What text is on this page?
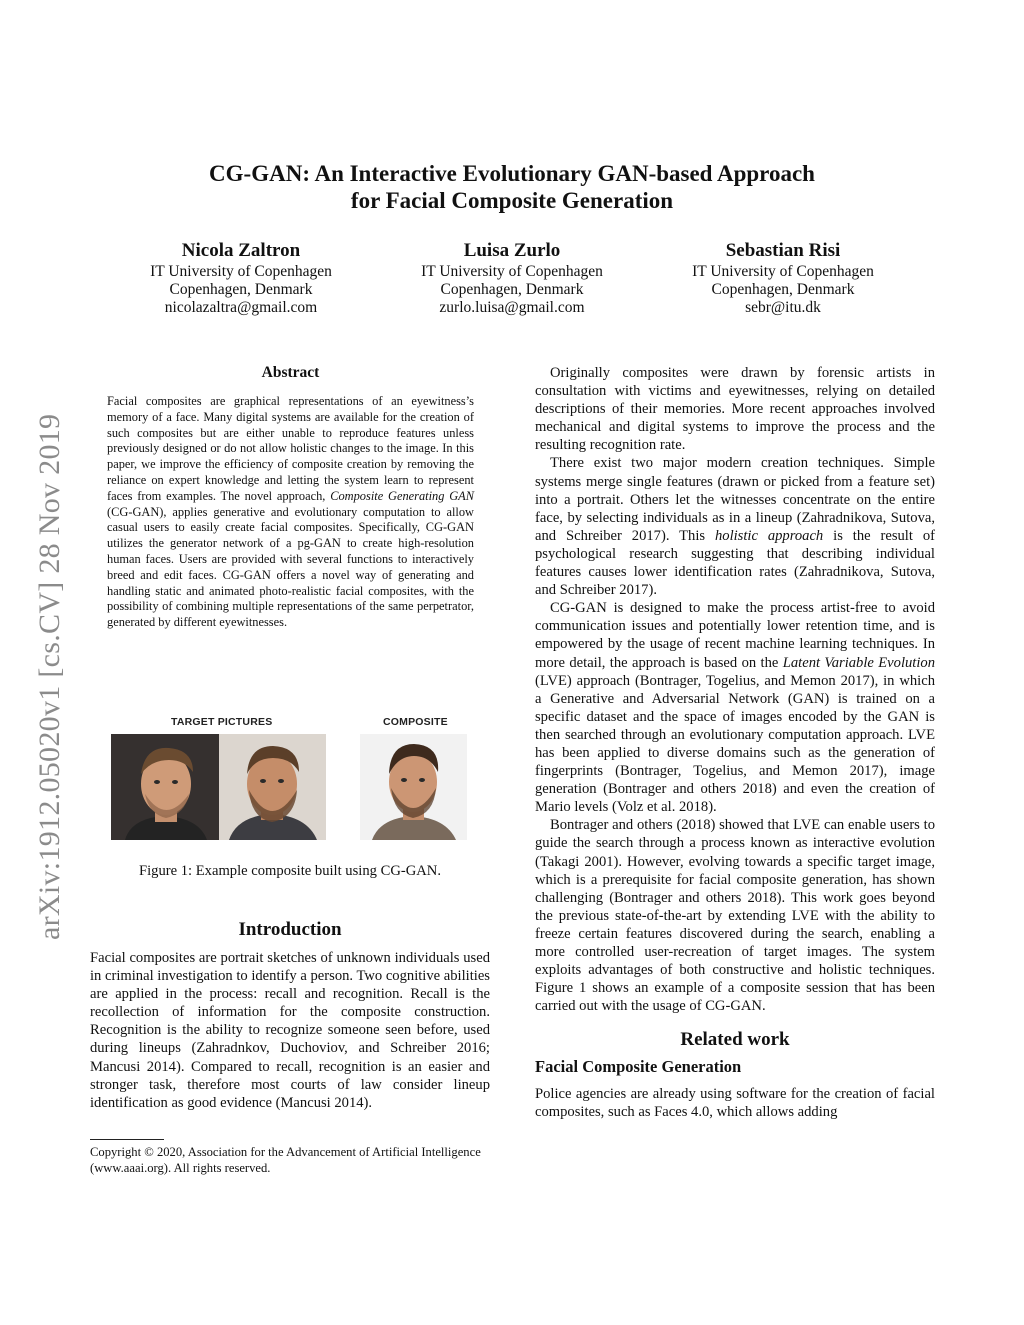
CG-GAN: An Interactive Evolutionary GAN-based Approach
for Facial Composite Generation
Nicola Zaltron
IT University of Copenhagen
Copenhagen, Denmark
nicolazaltra@gmail.com
Luisa Zurlo
IT University of Copenhagen
Copenhagen, Denmark
zurlo.luisa@gmail.com
Sebastian Risi
IT University of Copenhagen
Copenhagen, Denmark
sebr@itu.dk
arXiv:1912.05020v1 [cs.CV] 28 Nov 2019
Abstract

Facial composites are graphical representations of an eyewitness’s memory of a face. Many digital systems are available for the creation of such composites but are either unable to reproduce features unless previously designed or do not allow holistic changes to the image. In this paper, we improve the efficiency of composite creation by removing the reliance on expert knowledge and letting the system learn to represent faces from examples. The novel approach, Composite Generating GAN (CG-GAN), applies generative and evolutionary computation to allow casual users to easily create facial composites. Specifically, CG-GAN utilizes the generator network of a pg-GAN to create high-resolution human faces. Users are provided with several functions to interactively breed and edit faces. CG-GAN offers a novel way of generating and handling static and animated photo-realistic facial composites, with the possibility of combining multiple representations of the same perpetrator, generated by different eyewitnesses.

TARGET PICTURES	COMPOSITE
Figure 1: Example composite built using CG-GAN.
Introduction

Facial composites are portrait sketches of unknown individuals used in criminal investigation to identify a person. Two cognitive abilities are applied in the process: recall and recognition. Recall is the recollection of information for the composite construction. Recognition is the ability to recognize someone seen before, used during lineups (Zahradnkov, Duchoviov, and Schreiber 2016; Mancusi 2014). Compared to recall, recognition is an easier and stronger task, therefore most courts of law consider lineup identification as good evidence (Mancusi 2014).

Copyright © 2020, Association for the Advancement of Artificial Intelligence (www.aaai.org). All rights reserved.

Originally composites were drawn by forensic artists in consultation with victims and eyewitnesses, relying on detailed descriptions of their memories. More recent approaches involved mechanical and digital systems to improve the process and the resulting recognition rate.

There exist two major modern creation techniques. Simple systems merge single features (drawn or picked from a feature set) into a portrait. Others let the witnesses concentrate on the entire face, by selecting individuals as in a lineup (Zahradnikova, Sutova, and Schreiber 2017). This holistic approach is the result of psychological research suggesting that describing individual features causes lower identification rates (Zahradnikova, Sutova, and Schreiber 2017).

CG-GAN is designed to make the process artist-free to avoid communication issues and potentially lower retention time, and is empowered by the usage of recent machine learning techniques. In more detail, the approach is based on the Latent Variable Evolution (LVE) approach (Bontrager, Togelius, and Memon 2017), in which a Generative and Adversarial Network (GAN) is trained on a specific dataset and the space of images encoded by the GAN is then searched through an evolutionary computation approach. LVE has been applied to diverse domains such as the generation of fingerprints (Bontrager, Togelius, and Memon 2017), image generation (Bontrager and others 2018) and even the creation of Mario levels (Volz et al. 2018).

Bontrager and others (2018) showed that LVE can enable users to guide the search through a process known as interactive evolution (Takagi 2001). However, evolving towards a specific target image, which is a prerequisite for facial composite generation, has shown challenging (Bontrager and others 2018). This work goes beyond the previous state-of-the-art by extending LVE with the ability to freeze certain features discovered during the search, enabling a more controlled user-recreation of target images. The system exploits advantages of both constructive and holistic techniques. Figure 1 shows an example of a composite session that has been carried out with the usage of CG-GAN.

Related work
Facial Composite Generation

Police agencies are already using software for the creation of facial composites, such as Faces 4.0, which allows adding
